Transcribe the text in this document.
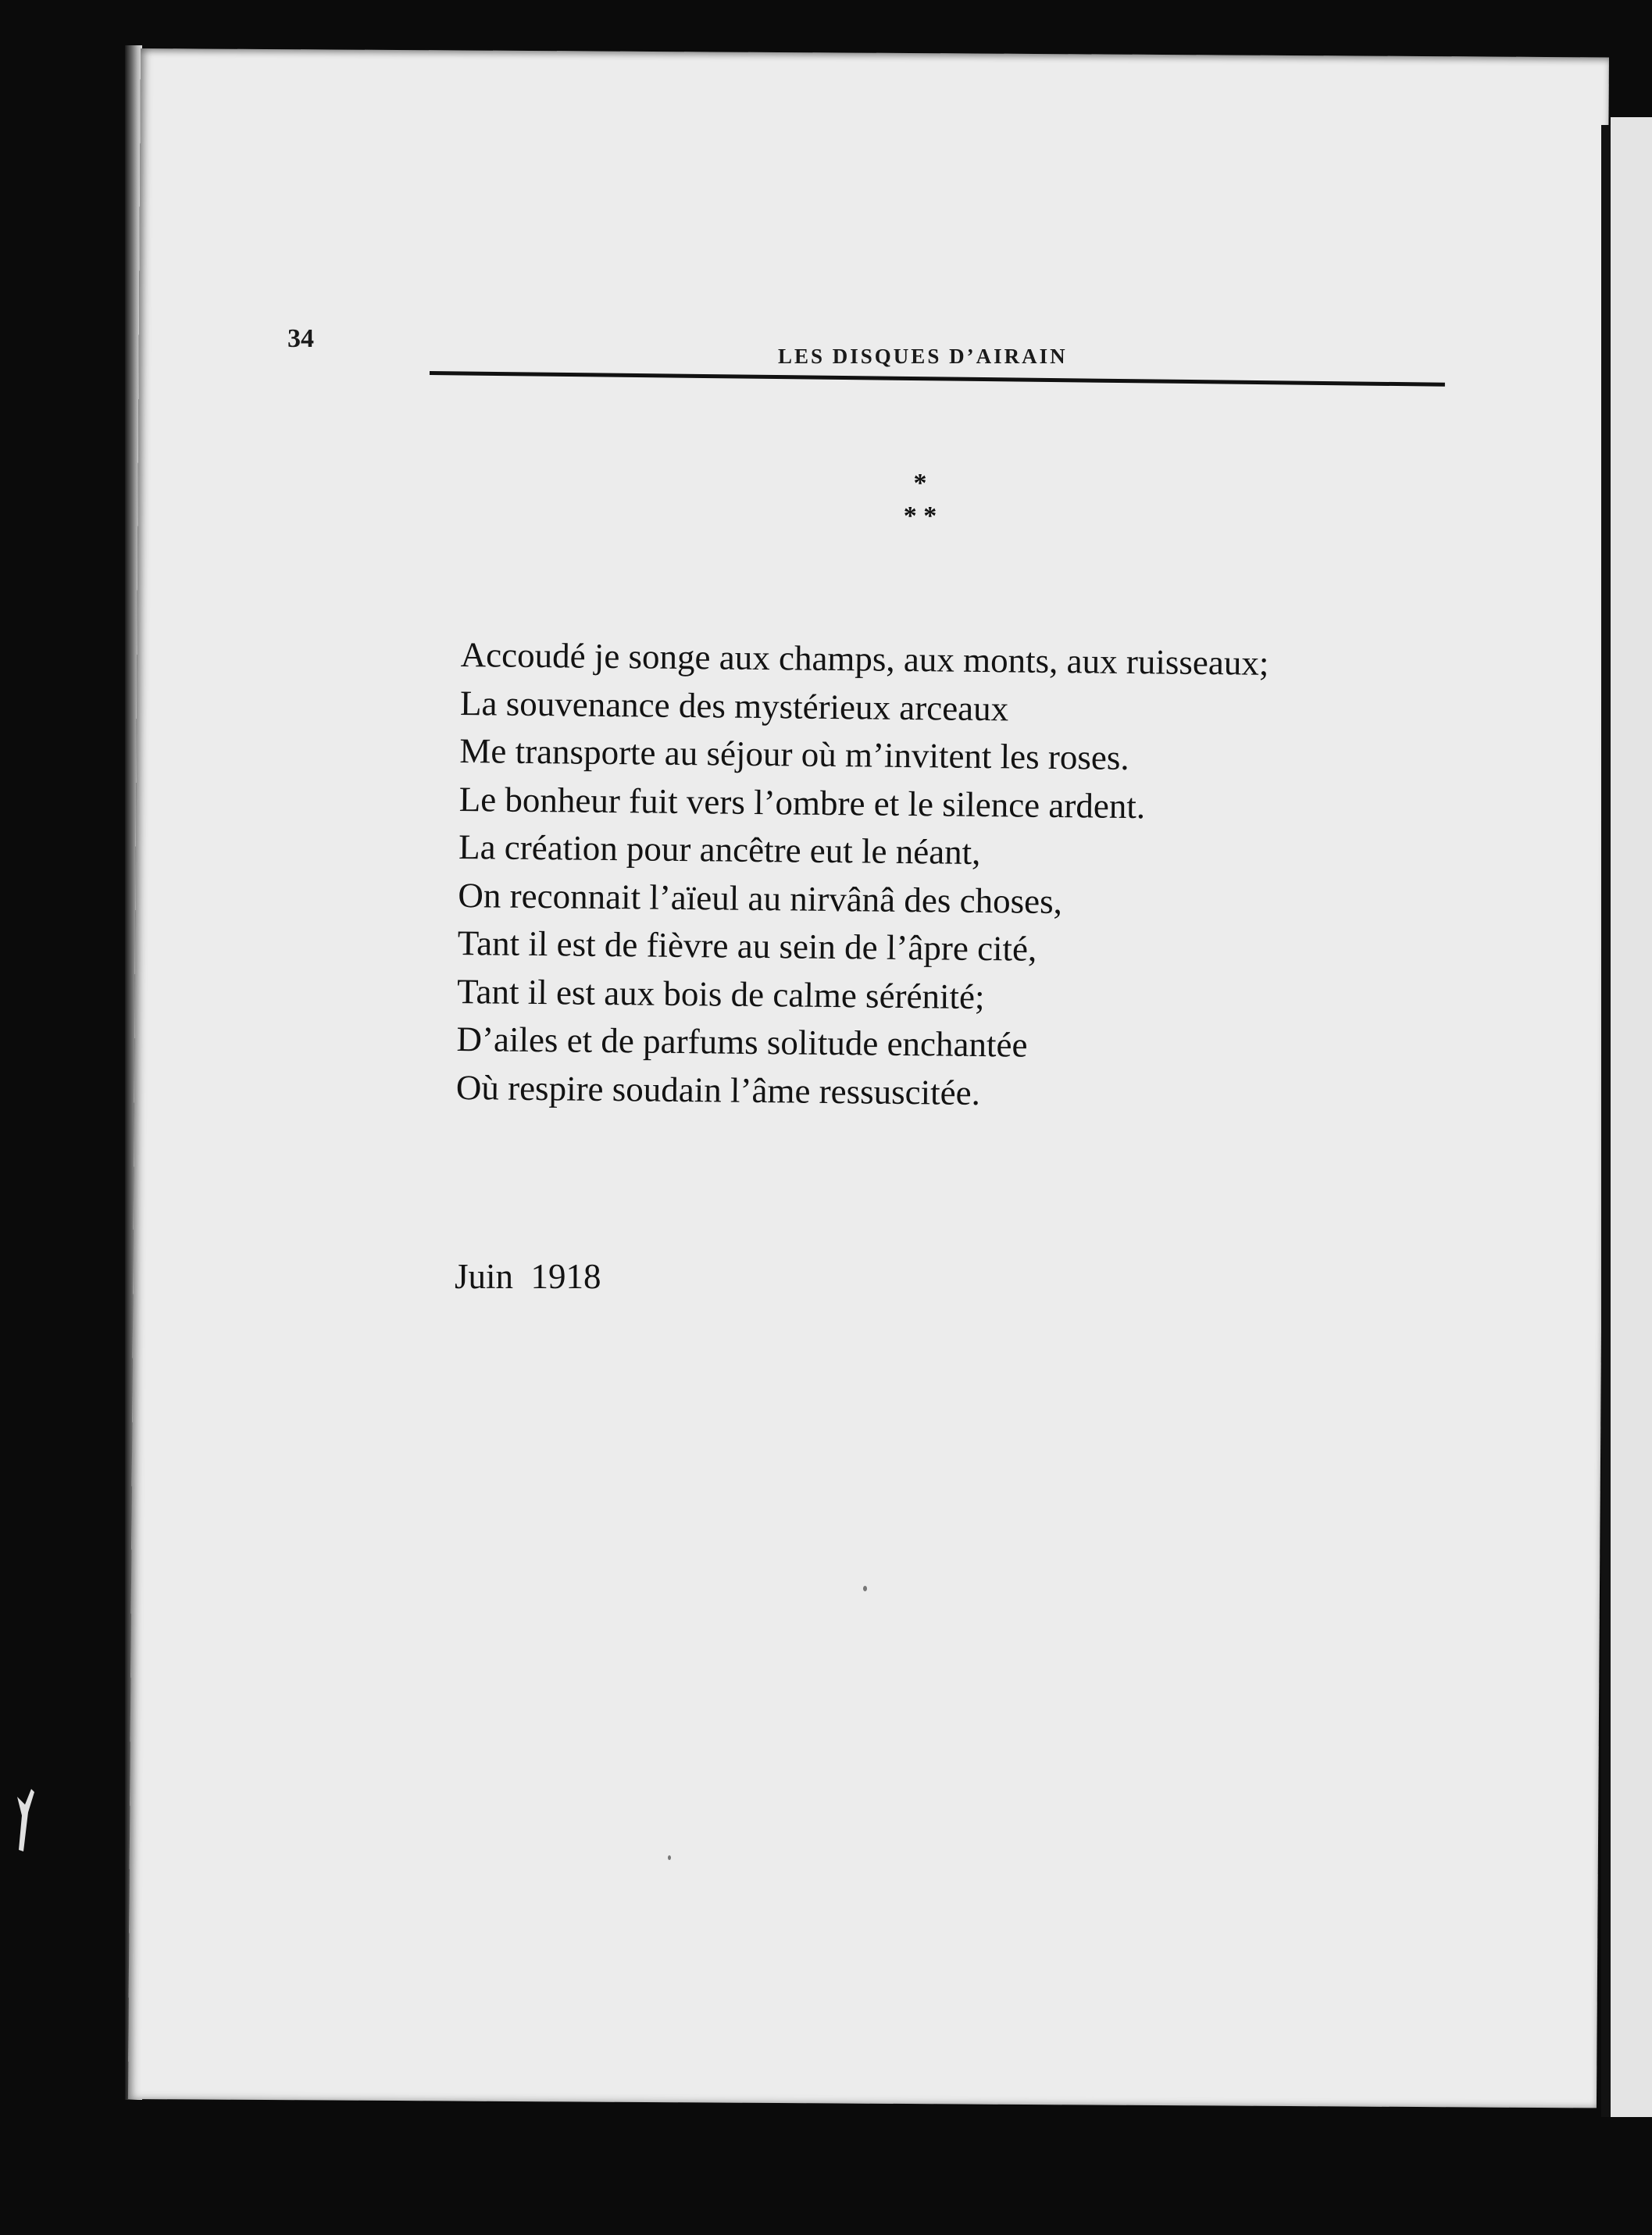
34
LES DISQUES D’AIRAIN
*
* *
Accoudé je songe aux champs, aux monts, aux ruisseaux;
La souvenance des mystérieux arceaux
Me transporte au séjour où m’invitent les roses.
Le bonheur fuit vers l’ombre et le silence ardent.
La création pour ancêtre eut le néant,
On reconnait l’aïeul au nirvânâ des choses,
Tant il est de fièvre au sein de l’âpre cité,
Tant il est aux bois de calme sérénité;
D’ailes et de parfums solitude enchantée
Où respire soudain l’âme ressuscitée.
Juin  1918
